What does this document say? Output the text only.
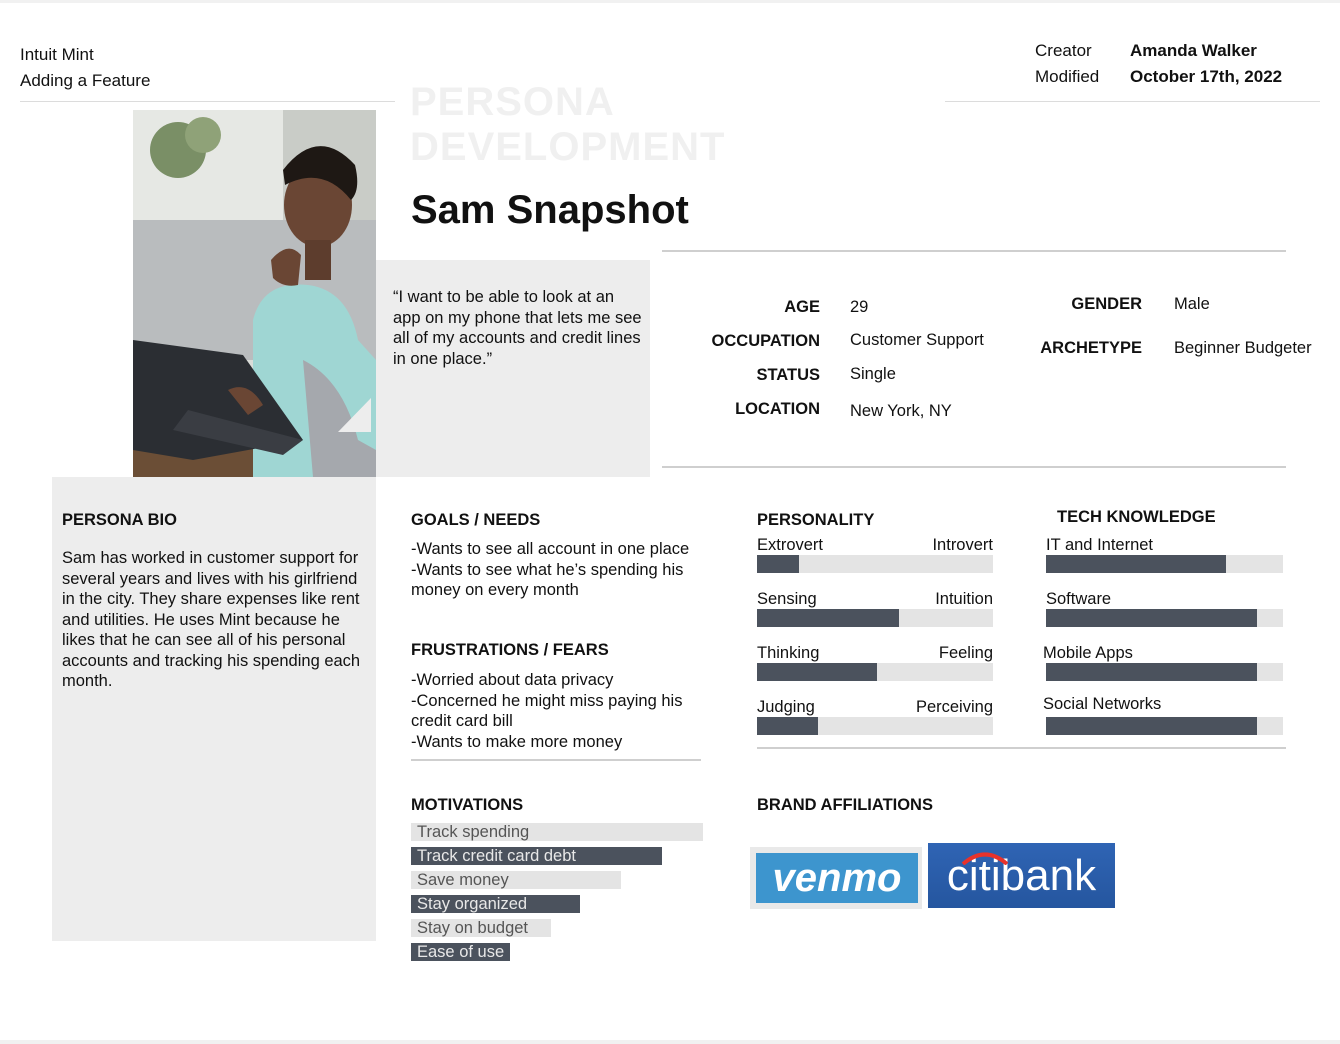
Intuit Mint
Adding a Feature
Creator	Amanda Walker
Modified	October 17th, 2022
PERSONA DEVELOPMENT
“I want to be able to look at an app on my phone that lets me see all of my accounts and credit lines in one place.”
Sam Snapshot
AGE 29
OCCUPATION Customer Support
STATUS Single
LOCATION New York, NY
GENDER Male
ARCHETYPE Beginner Budgeter
PERSONA BIO
Sam has worked in customer support for several years and lives with his girlfriend in the city. They share expenses like rent and utilities. He uses Mint because he likes that he can see all of his personal accounts and tracking his spending each month.
GOALS / NEEDS
-Wants to see all account in one place
-Wants to see what he’s spending his money on every month
FRUSTRATIONS / FEARS
-Worried about data privacy
-Concerned he might miss paying his credit card bill
-Wants to make more money
PERSONALITY
Extrovert	Introvert
Sensing	Intuition
Thinking	Feeling
Judging	Perceiving
TECH KNOWLEDGE
IT and Internet
Software
Mobile Apps
Social Networks
MOTIVATIONS
Track spending
Track credit card debt
Save money
Stay organized
Stay on budget
Ease of use
BRAND AFFILIATIONS
venmo	citibank
